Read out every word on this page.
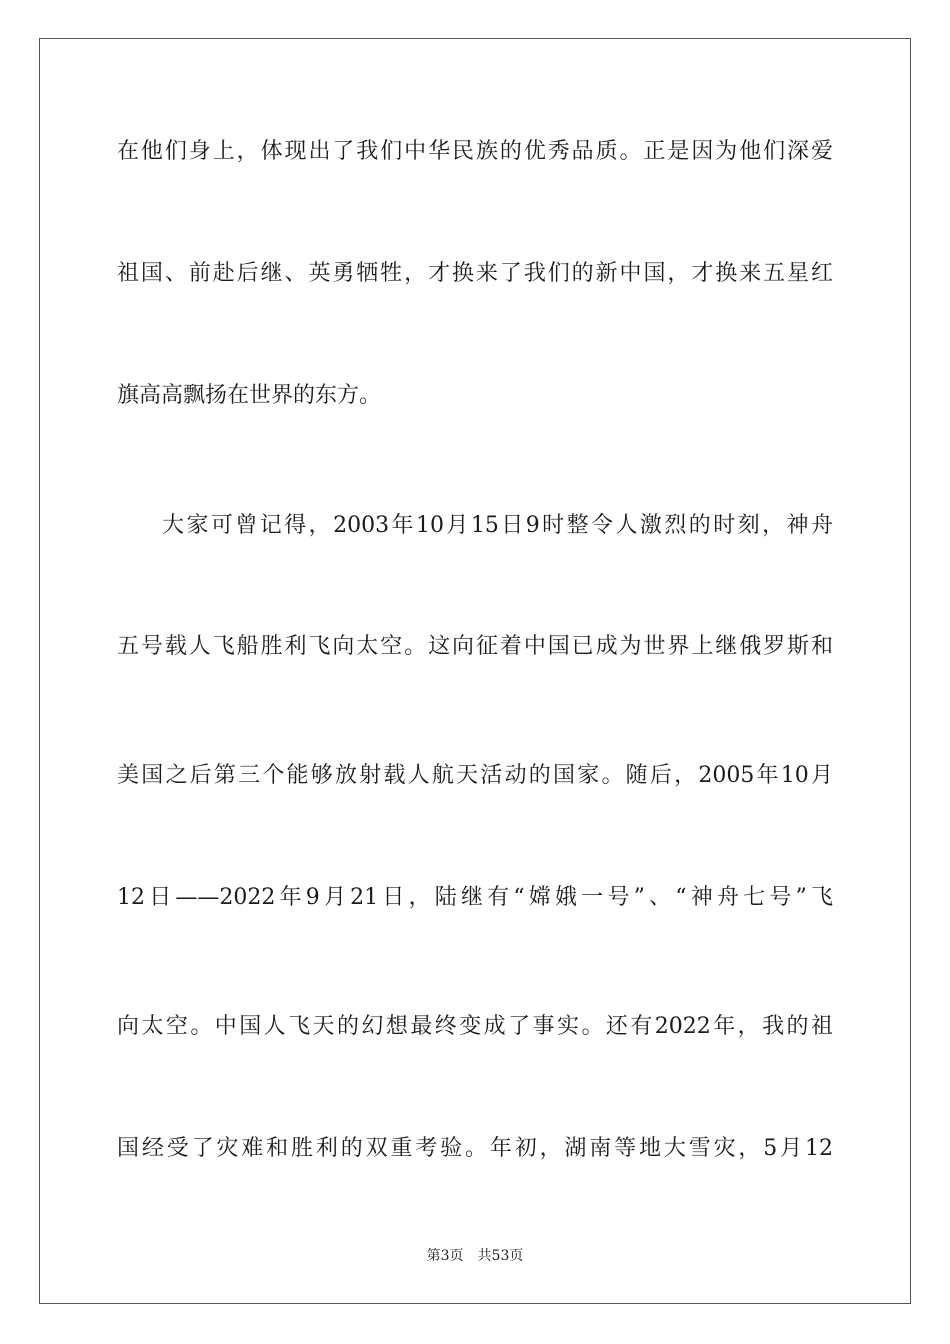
在他们身上，体现出了我们中华民族的优秀品质。正是因为他们深爱
祖国、前赴后继、英勇牺牲，才换来了我们的新中国，才换来五星红
旗高高飘扬在世界的东方。
大家可曾记得，2003年10月15日9时整令人激烈的时刻，神舟
五号载人飞船胜利飞向太空。这向征着中国已成为世界上继俄罗斯和
美国之后第三个能够放射载人航天活动的国家。随后，2005年10月
12日——2022年9月21日，陆继有“嫦娥一号”、“神舟七号”飞
向太空。中国人飞天的幻想最终变成了事实。还有2022年，我的祖
国经受了灾难和胜利的双重考验。年初，湖南等地大雪灾，5月12
第3页 共53页
